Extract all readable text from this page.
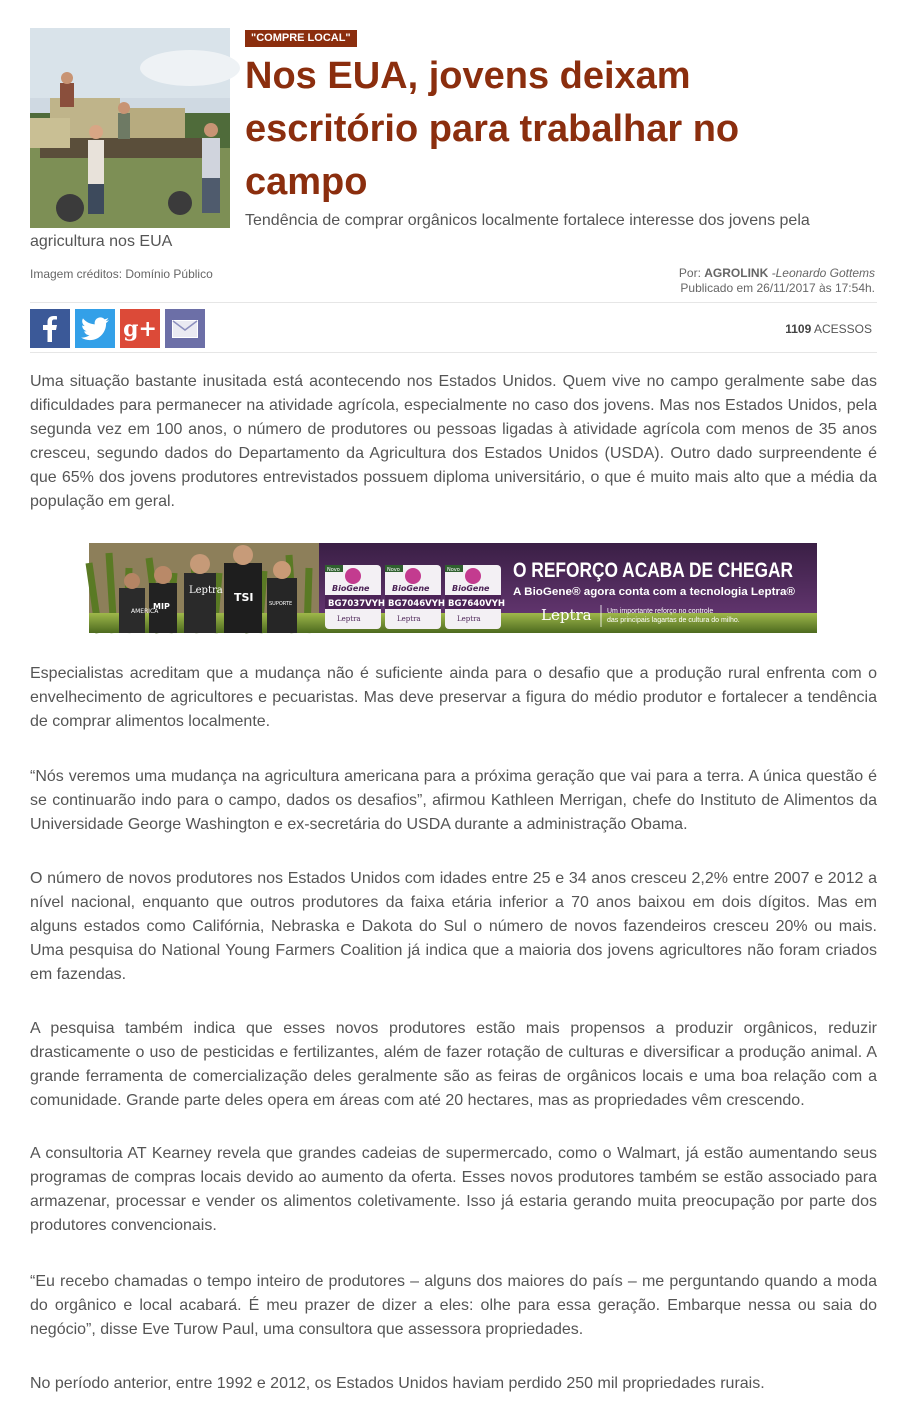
"COMPRE LOCAL"
Nos EUA, jovens deixam escritório para trabalhar no campo
Tendência de comprar orgânicos localmente fortalece interesse dos jovens pela
agricultura nos EUA
Imagem créditos: Domínio Público	Por: AGROLINK -Leonardo Gottems
Publicado em 26/11/2017 às 17:54h.
g+	1109 ACESSOS

Uma situação bastante inusitada está acontecendo nos Estados Unidos. Quem vive no campo geralmente sabe das dificuldades para permanecer na atividade agrícola, especialmente no caso dos jovens. Mas nos Estados Unidos, pela segunda vez em 100 anos, o número de produtores ou pessoas ligadas à atividade agrícola com menos de 35 anos cresceu, segundo dados do Departamento da Agricultura dos Estados Unidos (USDA). Outro dado surpreendente é que 65% dos jovens produtores entrevistados possuem diploma universitário, o que é muito mais alto que a média da população em geral.

AMERICA
MIP
Leptra
TSI	SUPORTE
Novo
BioGene
BG7037VYH
Leptra
Novo
BioGene
BG7046VYH
Leptra
Novo
BioGene
BG7640VYH
Leptra
O REFORÇO ACABA DE CHEGAR
A BioGene® agora conta com a tecnologia Leptra®
Leptra Um importante reforço no controle
das principais lagartas de cultura do milho.

Especialistas acreditam que a mudança não é suficiente ainda para o desafio que a produção rural enfrenta com o envelhecimento de agricultores e pecuaristas. Mas deve preservar a figura do médio produtor e fortalecer a tendência de comprar alimentos localmente.

“Nós veremos uma mudança na agricultura americana para a próxima geração que vai para a terra. A única questão é se continuarão indo para o campo, dados os desafios”, afirmou Kathleen Merrigan, chefe do Instituto de Alimentos da Universidade George Washington e ex-secretária do USDA durante a administração Obama.

O número de novos produtores nos Estados Unidos com idades entre 25 e 34 anos cresceu 2,2% entre 2007 e 2012 a nível nacional, enquanto que outros produtores da faixa etária inferior a 70 anos baixou em dois dígitos. Mas em alguns estados como Califórnia, Nebraska e Dakota do Sul o número de novos fazendeiros cresceu 20% ou mais. Uma pesquisa do National Young Farmers Coalition já indica que a maioria dos jovens agricultores não foram criados em fazendas.

A pesquisa também indica que esses novos produtores estão mais propensos a produzir orgânicos, reduzir drasticamente o uso de pesticidas e fertilizantes, além de fazer rotação de culturas e diversificar a produção animal. A grande ferramenta de comercialização deles geralmente são as feiras de orgânicos locais e uma boa relação com a comunidade. Grande parte deles opera em áreas com até 20 hectares, mas as propriedades vêm crescendo.

A consultoria AT Kearney revela que grandes cadeias de supermercado, como o Walmart, já estão aumentando seus programas de compras locais devido ao aumento da oferta. Esses novos produtores também se estão associado para armazenar, processar e vender os alimentos coletivamente. Isso já estaria gerando muita preocupação por parte dos produtores convencionais.

“Eu recebo chamadas o tempo inteiro de produtores – alguns dos maiores do país – me perguntando quando a moda do orgânico e local acabará. É meu prazer de dizer a eles: olhe para essa geração. Embarque nessa ou saia do negócio”, disse Eve Turow Paul, uma consultora que assessora propriedades.

No período anterior, entre 1992 e 2012, os Estados Unidos haviam perdido 250 mil propriedades rurais.
